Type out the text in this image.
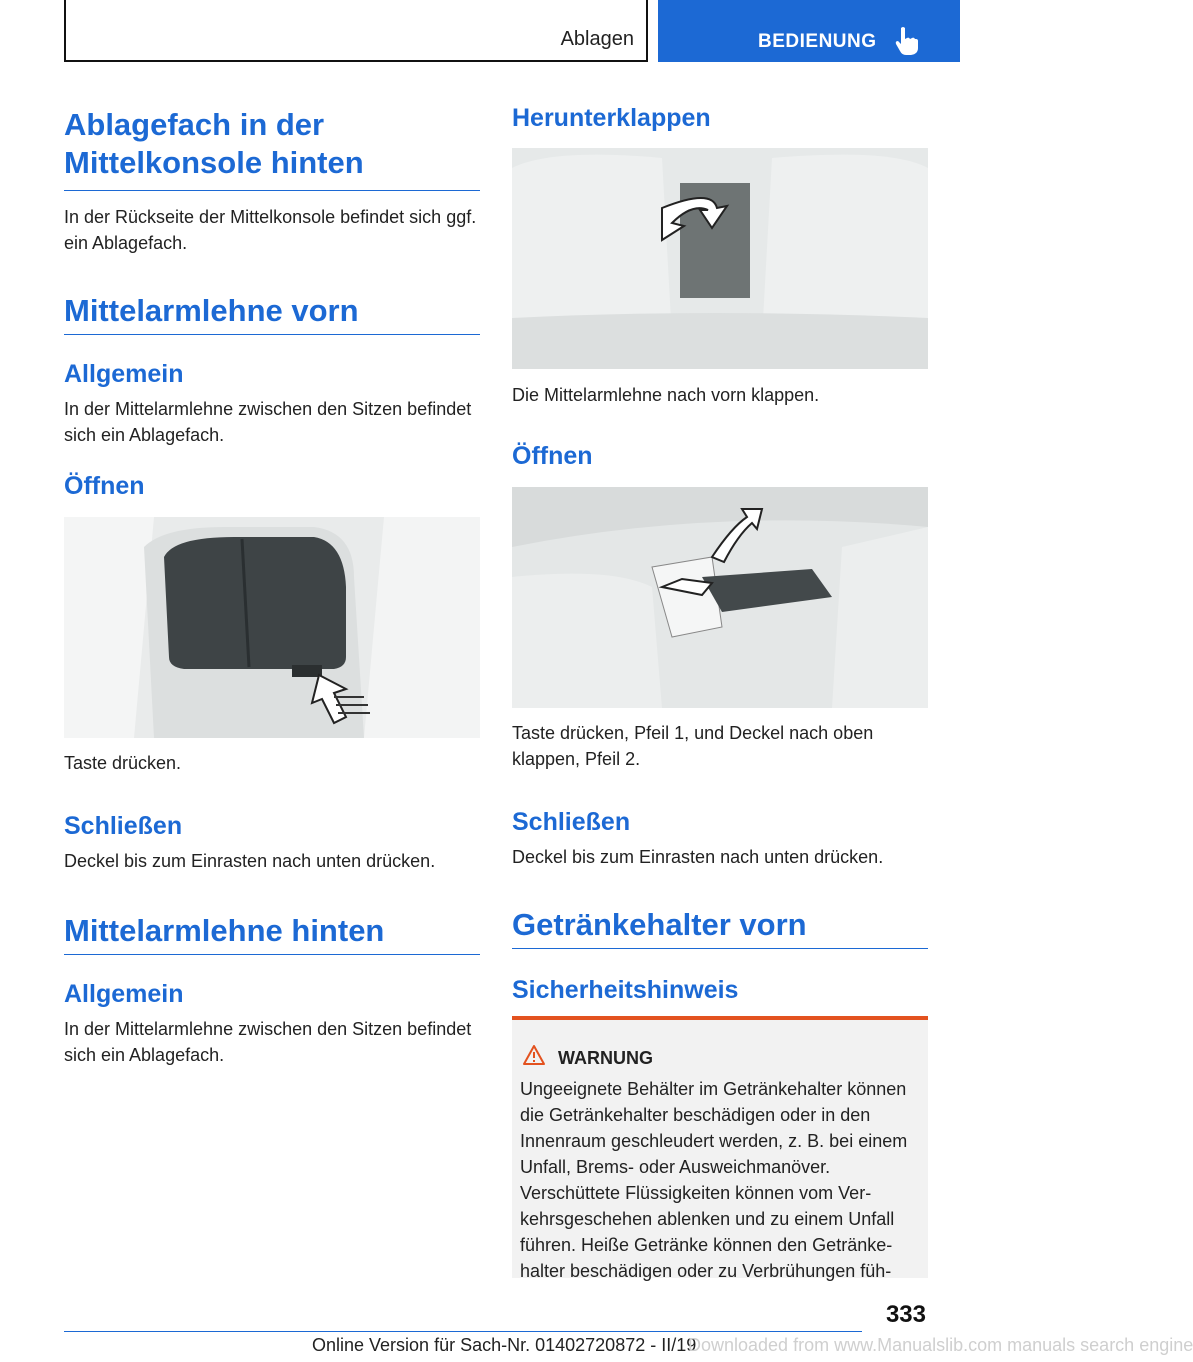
Ablagen	BEDIENUNG
Ablagefach in der Mittelkonsole hinten
In der Rückseite der Mittelkonsole befindet sich ggf. ein Ablagefach.
Mittelarmlehne vorn
Allgemein
In der Mittelarmlehne zwischen den Sitzen befindet sich ein Ablagefach.
Öffnen
Taste drücken.
Schließen
Deckel bis zum Einrasten nach unten drücken.
Mittelarmlehne hinten
Allgemein
In der Mittelarmlehne zwischen den Sitzen befindet sich ein Ablagefach.
Herunterklappen
Die Mittelarmlehne nach vorn klappen.
Öffnen
Taste drücken, Pfeil 1, und Deckel nach oben klappen, Pfeil 2.
Schließen
Deckel bis zum Einrasten nach unten drücken.
Getränkehalter vorn
Sicherheitshinweis
WARNUNG
Ungeeignete Behälter im Getränkehalter können die Getränkehalter beschädigen oder in den Innenraum geschleudert werden, z. B. bei einem Unfall, Brems- oder Ausweichmanöver. Verschüttete Flüssigkeiten können vom Verkehrsgeschehen ablenken und zu einem Unfall führen. Heiße Getränke können den Getränkehalter beschädigen oder zu Verbrühungen füh-
333
Online Version für Sach-Nr. 01402720872 - II/19
Downloaded from www.Manualslib.com manuals search engine
